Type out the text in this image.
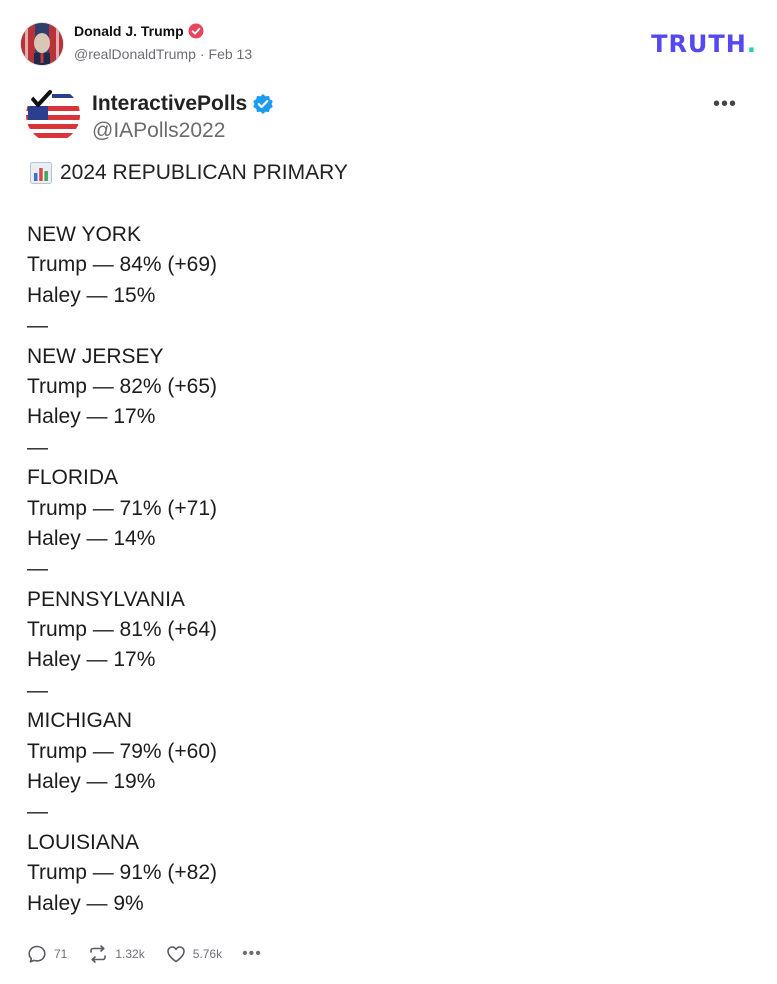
Donald J. Trump
@realDonaldTrump · Feb 13	TRUTH.
InteractivePolls
@IAPolls2022
•••
2024 REPUBLICAN PRIMARY
NEW YORK
Trump — 84% (+69)
Haley — 15%
—
NEW JERSEY
Trump — 82% (+65)
Haley — 17%
—
FLORIDA
Trump — 71% (+71)
Haley — 14%
—
PENNSYLVANIA
Trump — 81% (+64)
Haley — 17%
—
MICHIGAN
Trump — 79% (+60)
Haley — 19%
—
LOUISIANA
Trump — 91% (+82)
Haley — 9%
71	1.32k	5.76k •••
